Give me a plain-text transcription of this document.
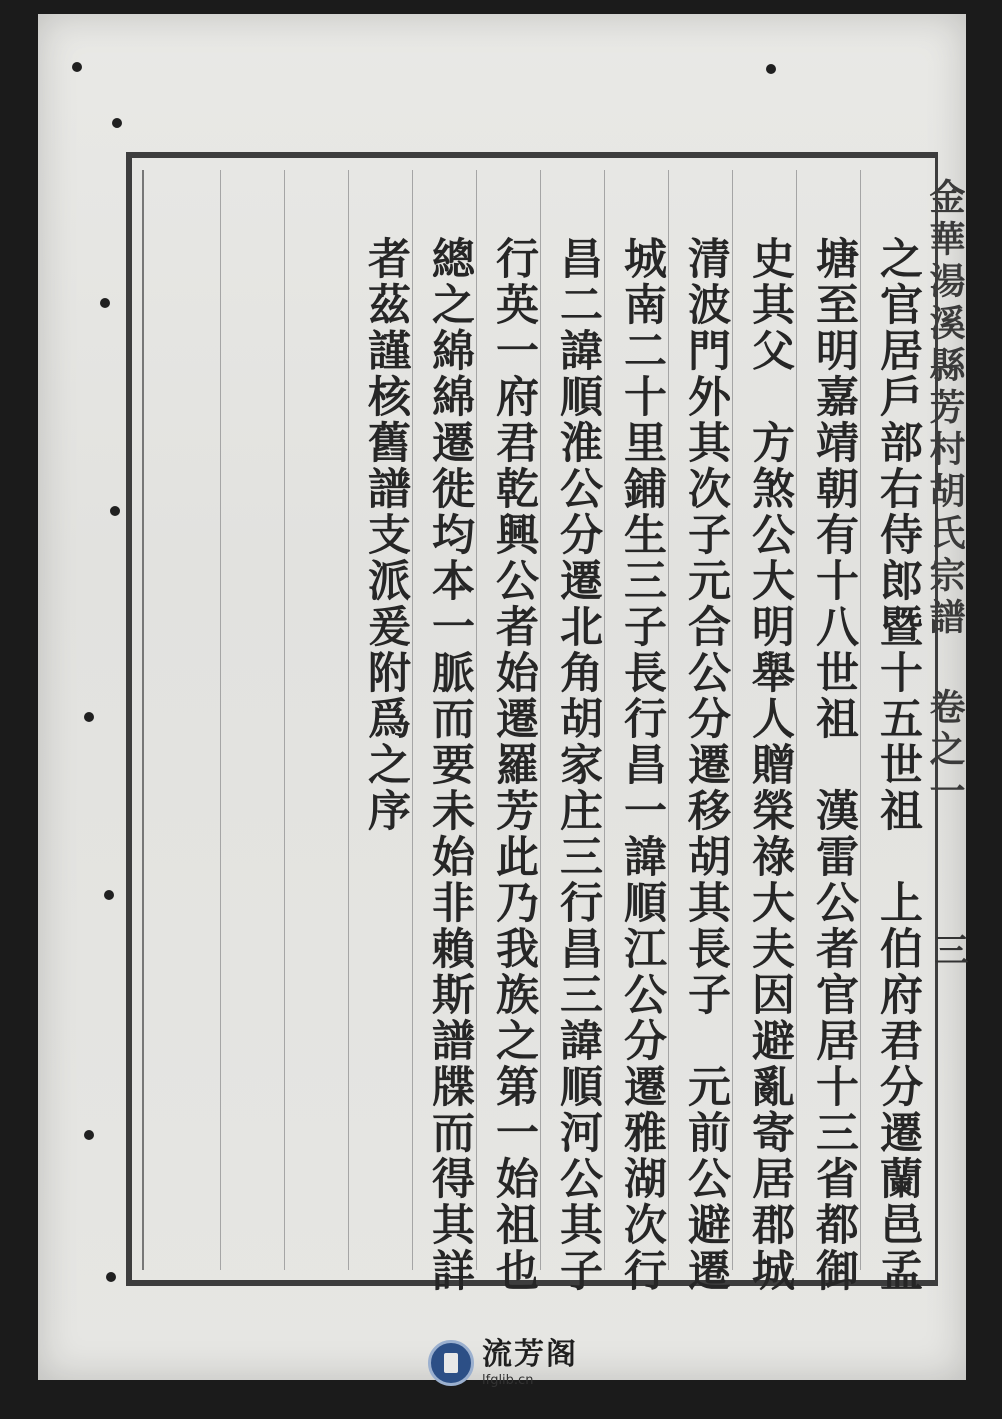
金華湯溪縣芳村胡氏宗譜 卷之一
三
之官居戶部右侍郎暨十五世祖　上伯府君分遷蘭邑孟
塘至明嘉靖朝有十八世祖　漢雷公者官居十三省都御
史其父　方煞公大明舉人贈榮祿大夫因避亂寄居郡城
清波門外其次子元合公分遷移胡其長子　元前公避遷
城南二十里鋪生三子長行昌一諱順江公分遷雅湖次行
昌二諱順淮公分遷北角胡家庄三行昌三諱順河公其子
行英一府君乾興公者始遷羅芳此乃我族之第一始祖也
總之綿綿遷徙均本一脈而要未始非賴斯譜牒而得其詳
者茲謹核舊譜支派爰附爲之序
流芳阁
lfglib.cn
